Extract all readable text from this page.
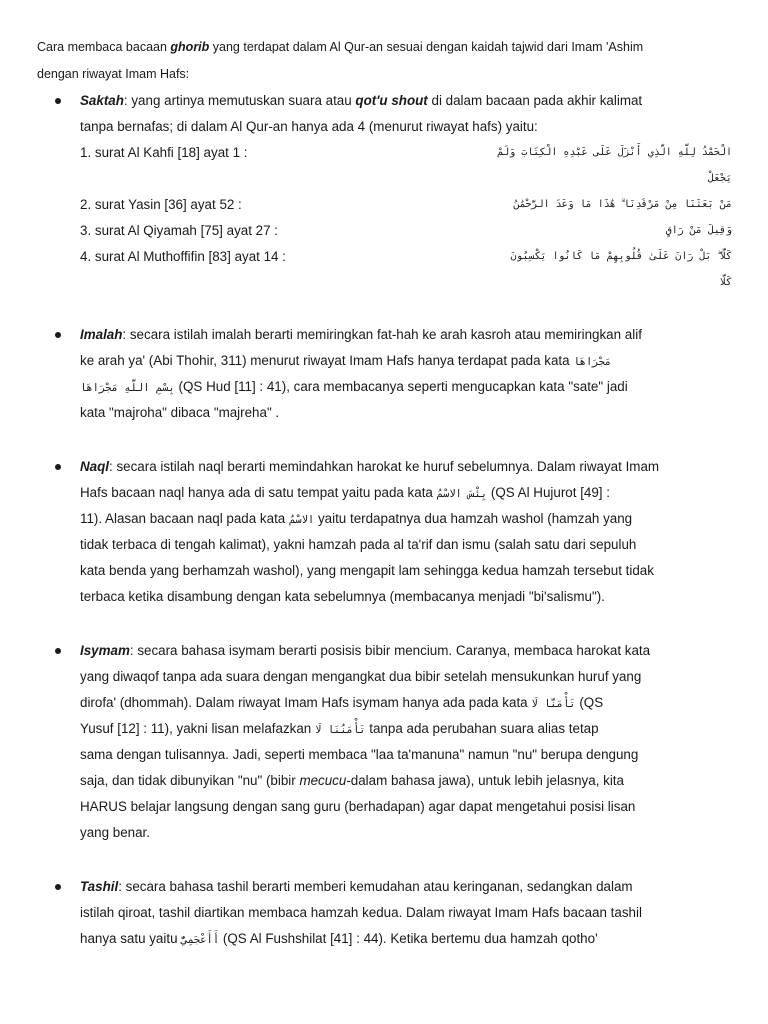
Cara membaca bacaan ghorib yang terdapat dalam Al Qur-an sesuai dengan kaidah tajwid dari Imam 'Ashim
dengan riwayat Imam Hafs:
Saktah: yang artinya memutuskan suara atau qot'u shout di dalam bacaan pada akhir kalimat
tanpa bernafas; di dalam Al Qur-an hanya ada 4 (menurut riwayat hafs) yaitu:
1. surat Al Kahfi [18] ayat 1 :	الْحَمْدُ لِلَّهِ الَّذِي أَنْزَلَ عَلَى عَبْدِهِ الْكِتَابَ وَلَمْ
يَجْعَلْ
2. surat Yasin [36] ayat 52 :	مَنْ بَعَثَنَا مِنْ مَرْقَدِنَا ۗ هَٰذَا مَا وَعَدَ الرَّحْمَٰنُ
3. surat Al Qiyamah [75] ayat 27 :	وَقِيلَ مَنْ رَاقٍ
4. surat Al Muthoffifin [83] ayat 14 :	كَلَّا ۖ بَلْ رَانَ عَلَىٰ قُلُوبِهِمْ مَا كَانُوا يَكْسِبُونَ
كَلَّا
Imalah: secara istilah imalah berarti memiringkan fat-hah ke arah kasroh atau memiringkan alif
ke arah ya' (Abi Thohir, 311) menurut riwayat Imam Hafs hanya terdapat pada kata مَجْرَاهَا
بِسْمِ اللَّهِ مَجْرَاهَا (QS Hud [11] : 41), cara membacanya seperti mengucapkan kata "sate" jadi
kata "majroha" dibaca "majreha" .
Naql: secara istilah naql berarti memindahkan harokat ke huruf sebelumnya. Dalam riwayat Imam
Hafs bacaan naql hanya ada di satu tempat yaitu pada kata بِئْسَ الاسْمُ (QS Al Hujurot [49] :
11). Alasan bacaan naql pada kata الاسْمُ yaitu terdapatnya dua hamzah washol (hamzah yang
tidak terbaca di tengah kalimat), yakni hamzah pada al ta'rif dan ismu (salah satu dari sepuluh
kata benda yang berhamzah washol), yang mengapit lam sehingga kedua hamzah tersebut tidak
terbaca ketika disambung dengan kata sebelumnya (membacanya menjadi "bi'salismu").
Isymam: secara bahasa isymam berarti posisis bibir mencium. Caranya, membaca harokat kata
yang diwaqof tanpa ada suara dengan mengangkat dua bibir setelah mensukunkan huruf yang
dirofa' (dhommah). Dalam riwayat Imam Hafs isymam hanya ada pada kata تَأْمَنَّا لَا (QS
Yusuf [12] : 11), yakni lisan melafazkan تَأْمَنُنَا لَا tanpa ada perubahan suara alias tetap
sama dengan tulisannya. Jadi, seperti membaca "laa ta'manuna" namun "nu" berupa dengung
saja, dan tidak dibunyikan "nu" (bibir mecucu-dalam bahasa jawa), untuk lebih jelasnya, kita
HARUS belajar langsung dengan sang guru (berhadapan) agar dapat mengetahui posisi lisan
yang benar.
Tashil: secara bahasa tashil berarti memberi kemudahan atau keringanan, sedangkan dalam
istilah qiroat, tashil diartikan membaca hamzah kedua. Dalam riwayat Imam Hafs bacaan tashil
hanya satu yaitu أَأَعْجَمِيٌّ (QS Al Fushshilat [41] : 44). Ketika bertemu dua hamzah qotho'
